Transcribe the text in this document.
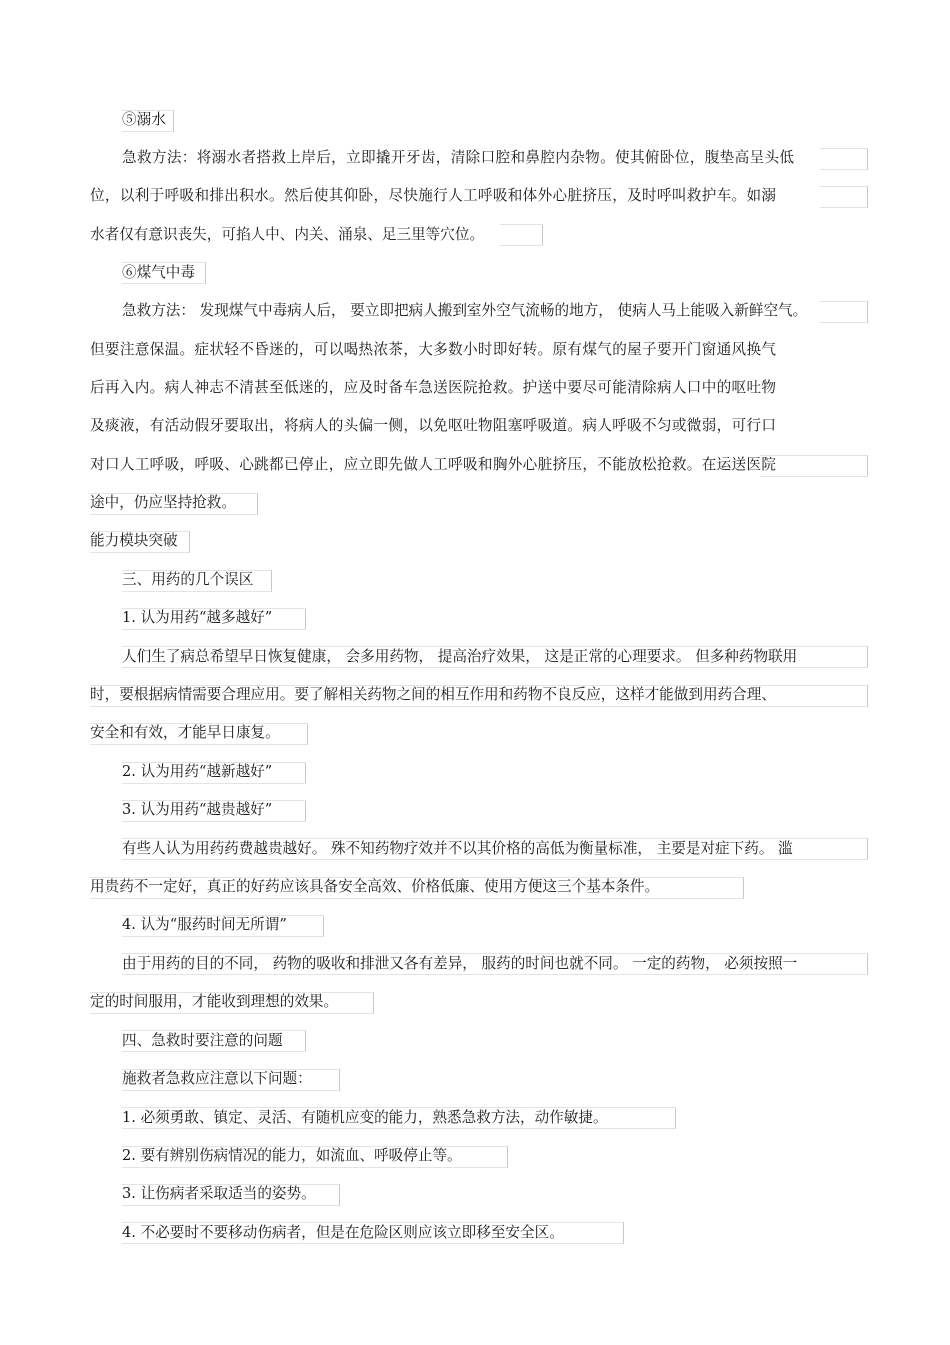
⑤溺水
急救方法：将溺水者搭救上岸后，立即撬开牙齿，清除口腔和鼻腔内杂物。使其俯卧位，腹垫高呈头低
位，以利于呼吸和排出积水。然后使其仰卧，尽快施行人工呼吸和体外心脏挤压，及时呼叫救护车。如溺
水者仅有意识丧失，可掐人中、内关、涌泉、足三里等穴位。
⑥煤气中毒
急救方法： 发现煤气中毒病人后， 要立即把病人搬到室外空气流畅的地方， 使病人马上能吸入新鲜空气。
但要注意保温。症状轻不昏迷的，可以喝热浓茶，大多数小时即好转。原有煤气的屋子要开门窗通风换气
后再入内。病人神志不清甚至低迷的，应及时备车急送医院抢救。护送中要尽可能清除病人口中的呕吐物
及痰液，有活动假牙要取出，将病人的头偏一侧，以免呕吐物阻塞呼吸道。病人呼吸不匀或微弱，可行口
对口人工呼吸，呼吸、心跳都已停止，应立即先做人工呼吸和胸外心脏挤压，不能放松抢救。在运送医院
途中，仍应坚持抢救。
能力模块突破
三、用药的几个误区
1. 认为用药“越多越好”
人们生了病总希望早日恢复健康， 会多用药物， 提高治疗效果， 这是正常的心理要求。 但多种药物联用
时，要根据病情需要合理应用。要了解相关药物之间的相互作用和药物不良反应，这样才能做到用药合理、
安全和有效，才能早日康复。
2. 认为用药“越新越好”
3. 认为用药“越贵越好”
有些人认为用药药费越贵越好。 殊不知药物疗效并不以其价格的高低为衡量标准， 主要是对症下药。 滥
用贵药不一定好，真正的好药应该具备安全高效、价格低廉、使用方便这三个基本条件。
4. 认为“服药时间无所谓”
由于用药的目的不同， 药物的吸收和排泄又各有差异， 服药的时间也就不同。 一定的药物， 必须按照一
定的时间服用，才能收到理想的效果。
四、急救时要注意的问题
施救者急救应注意以下问题：
1. 必须勇敢、镇定、灵活、有随机应变的能力，熟悉急救方法，动作敏捷。
2. 要有辨别伤病情况的能力，如流血、呼吸停止等。
3. 让伤病者采取适当的姿势。
4. 不必要时不要移动伤病者，但是在危险区则应该立即移至安全区。
